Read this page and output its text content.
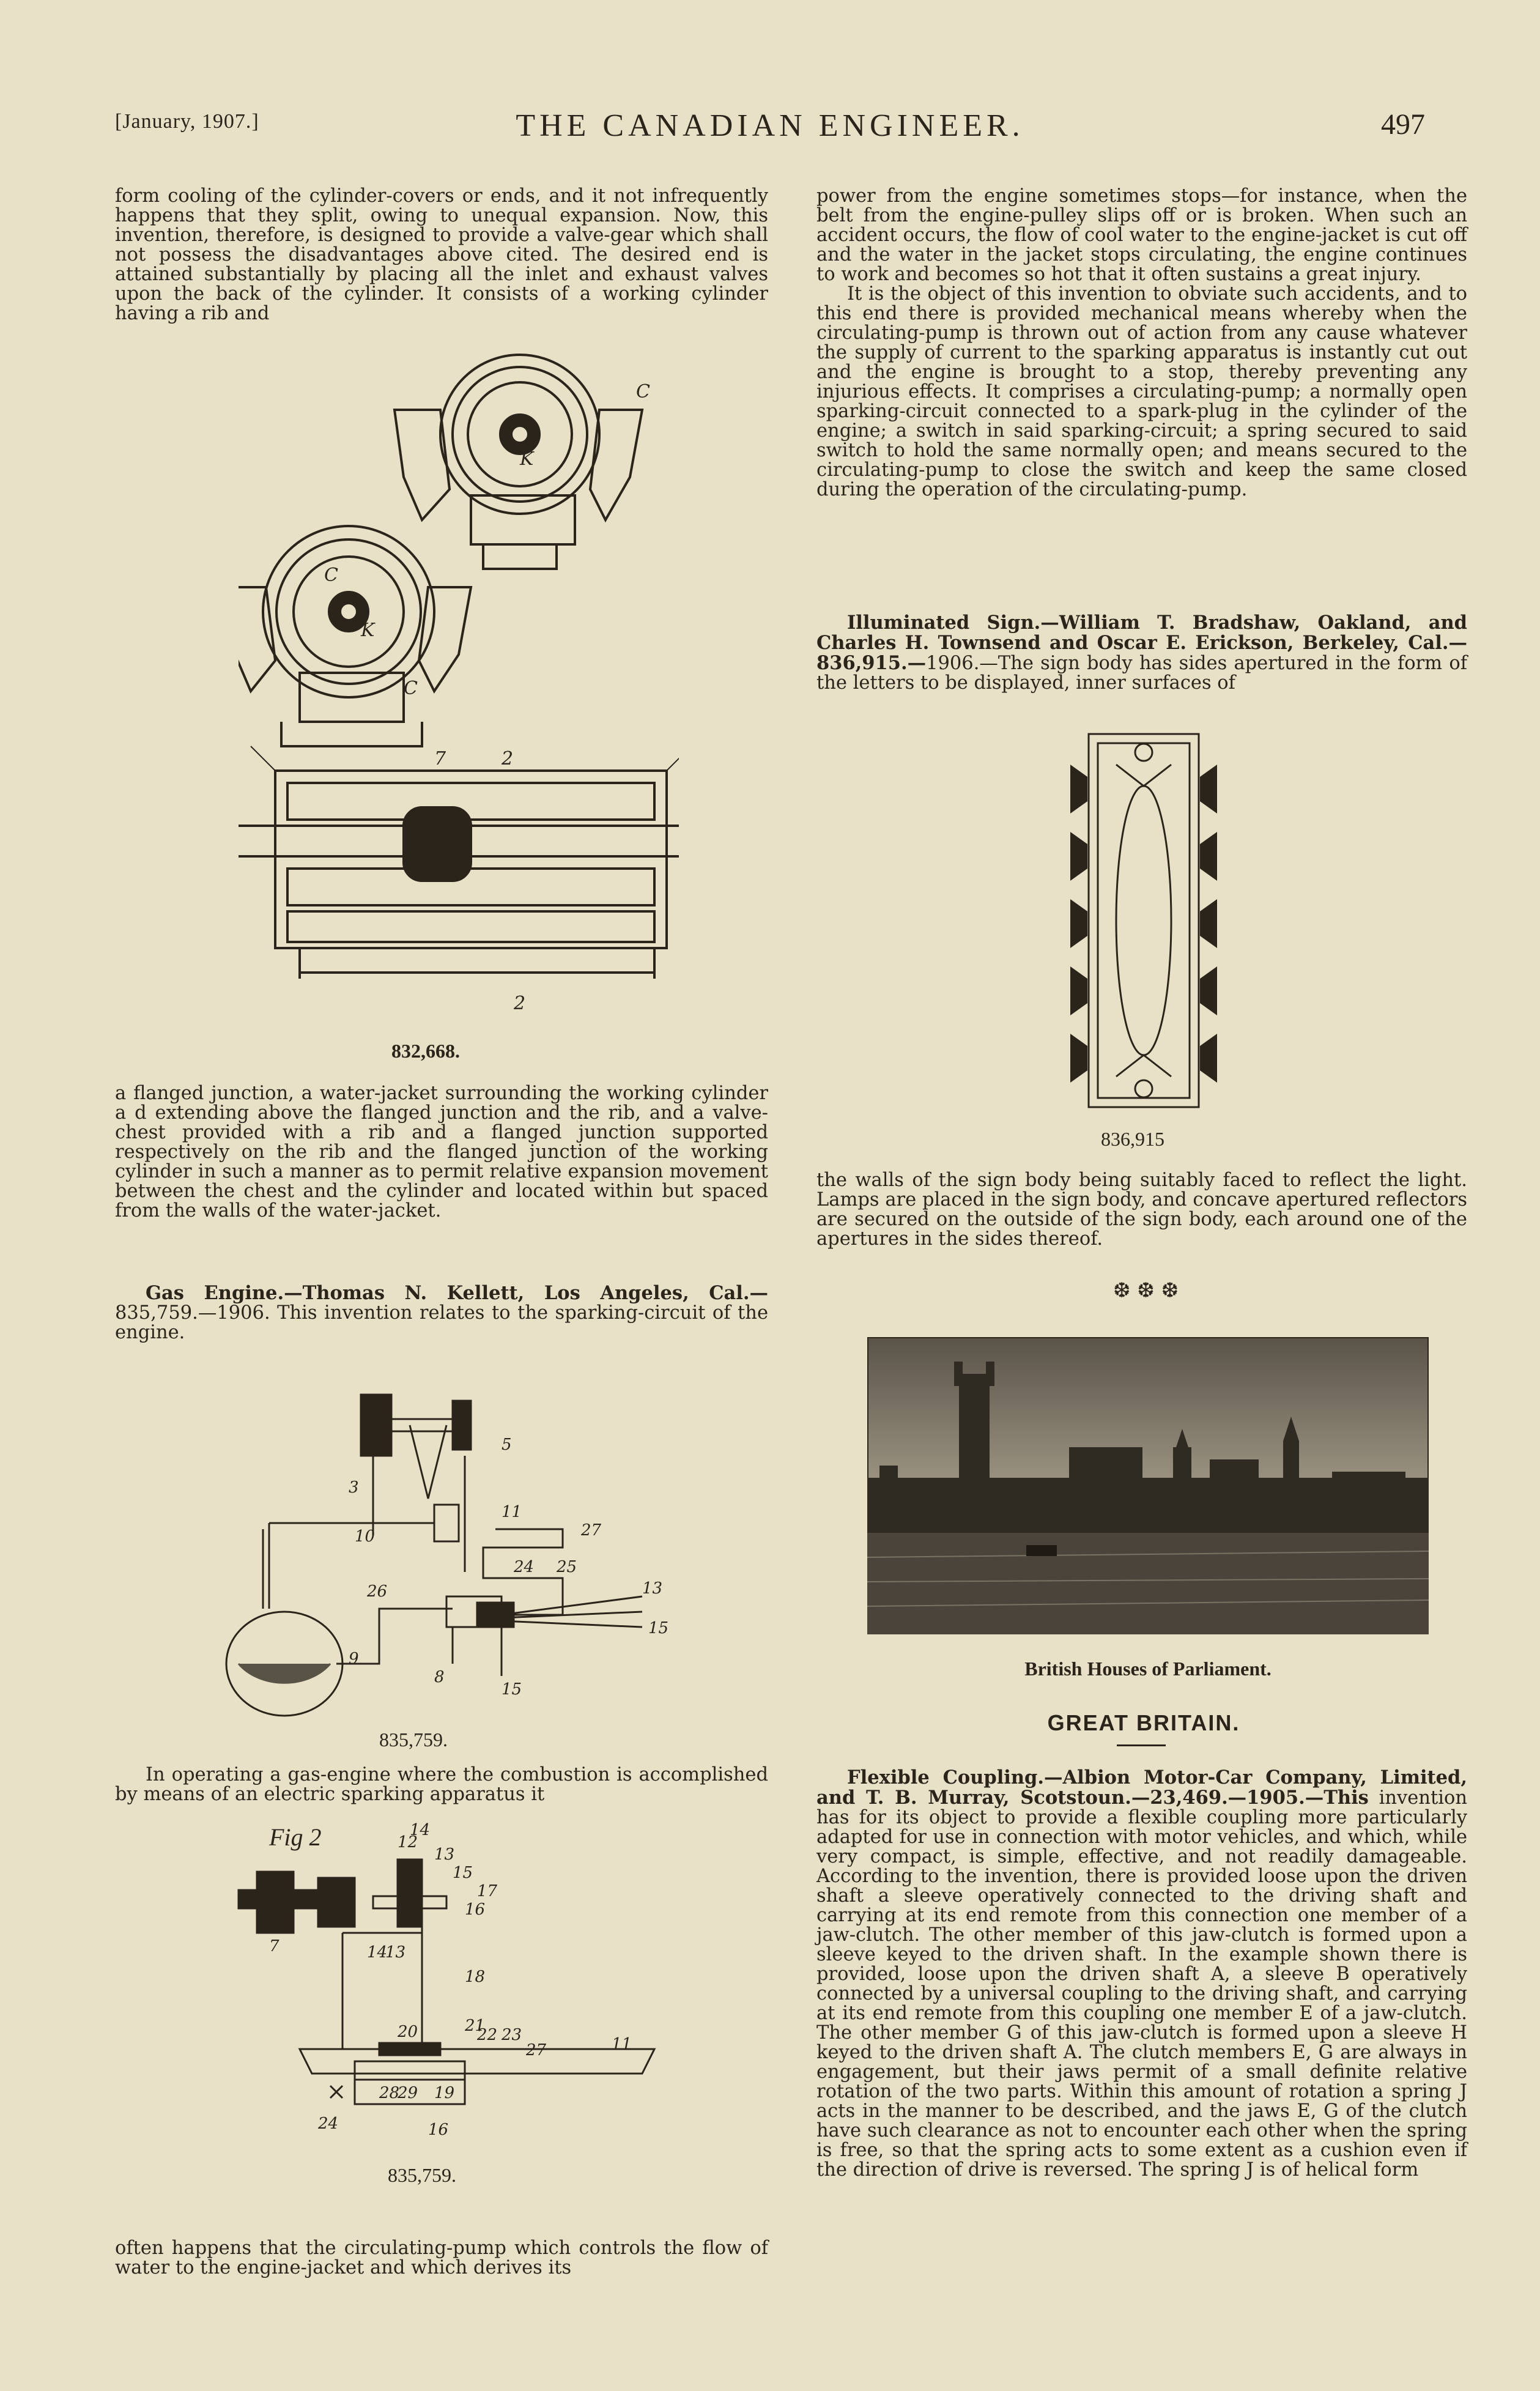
[January, 1907.]	THE CANADIAN ENGINEER.	497

form cooling of the cylinder-covers or ends, and it not infrequently happens that they split, owing to unequal expansion. Now, this invention, therefore, is designed to provide a valve-gear which shall not possess the disadvantages above cited. The desired end is attained substantially by placing all the inlet and exhaust valves upon the back of the cylinder. It consists of a working cylinder having a rib and

C
K
C
K
C
7	2
2
832,668.

a flanged junction, a water-jacket surrounding the working cylinder a d extending above the flanged junction and the rib, and a valve-chest provided with a rib and a flanged junction supported respectively on the rib and the flanged junction of the working cylinder in such a manner as to permit relative expansion movement between the chest and the cylinder and located within but spaced from the walls of the water-jacket.

Gas Engine.—Thomas N. Kellett, Los Angeles, Cal.— 835,759.—1906. This invention relates to the sparking-circuit of the engine.

5
3
10
11
27
24 25
26
9
8
15
13
15
835,759.

In operating a gas-engine where the combustion is accomplished by means of an electric sparking apparatus it

12
14
13
15
17
16
7	14
13
18
21
20	22 23
27	11
28
29 19
24	16
Fig 2
835,759.

often happens that the circulating-pump which controls the flow of water to the engine-jacket and which derives its

power from the engine sometimes stops—for instance, when the belt from the engine-pulley slips off or is broken. When such an accident occurs, the flow of cool water to the engine-jacket is cut off and the water in the jacket stops circulating, the engine continues to work and becomes so hot that it often sustains a great injury.

It is the object of this invention to obviate such accidents, and to this end there is provided mechanical means whereby when the circulating-pump is thrown out of action from any cause whatever the supply of current to the sparking apparatus is instantly cut out and the engine is brought to a stop, thereby preventing any injurious effects. It comprises a circulating-pump; a normally open sparking-circuit connected to a spark-plug in the cylinder of the engine; a switch in said sparking-circuit; a spring secured to said switch to hold the same normally open; and means secured to the circulating-pump to close the switch and keep the same closed during the operation of the circulating-pump.

Illuminated Sign.—William T. Bradshaw, Oakland, and Charles H. Townsend and Oscar E. Erickson, Berkeley, Cal.—836,915.—1906.—The sign body has sides apertured in the form of the letters to be displayed, inner surfaces of

836,915

the walls of the sign body being suitably faced to reflect the light. Lamps are placed in the sign body, and concave apertured reflectors are secured on the outside of the sign body, each around one of the apertures in the sides thereof.

❆ ❆ ❆
British Houses of Parliament.
GREAT BRITAIN.

Flexible Coupling.—Albion Motor-Car Company, Limited, and T. B. Murray, Scotstoun.—23,469.—1905.—This invention has for its object to provide a flexible coupling more particularly adapted for use in connection with motor vehicles, and which, while very compact, is simple, effective, and not readily damageable. According to the invention, there is provided loose upon the driven shaft a sleeve operatively connected to the driving shaft and carrying at its end remote from this connection one member of a jaw-clutch. The other member of this jaw-clutch is formed upon a sleeve keyed to the driven shaft. In the example shown there is provided, loose upon the driven shaft A, a sleeve B operatively connected by a universal coupling to the driving shaft, and carrying at its end remote from this coupling one member E of a jaw-clutch. The other member G of this jaw-clutch is formed upon a sleeve H keyed to the driven shaft A. The clutch members E, G are always in engagement, but their jaws permit of a small definite relative rotation of the two parts. Within this amount of rotation a spring J acts in the manner to be described, and the jaws E, G of the clutch have such clearance as not to encounter each other when the spring is free, so that the spring acts to some extent as a cushion even if the direction of drive is reversed. The spring J is of helical form
